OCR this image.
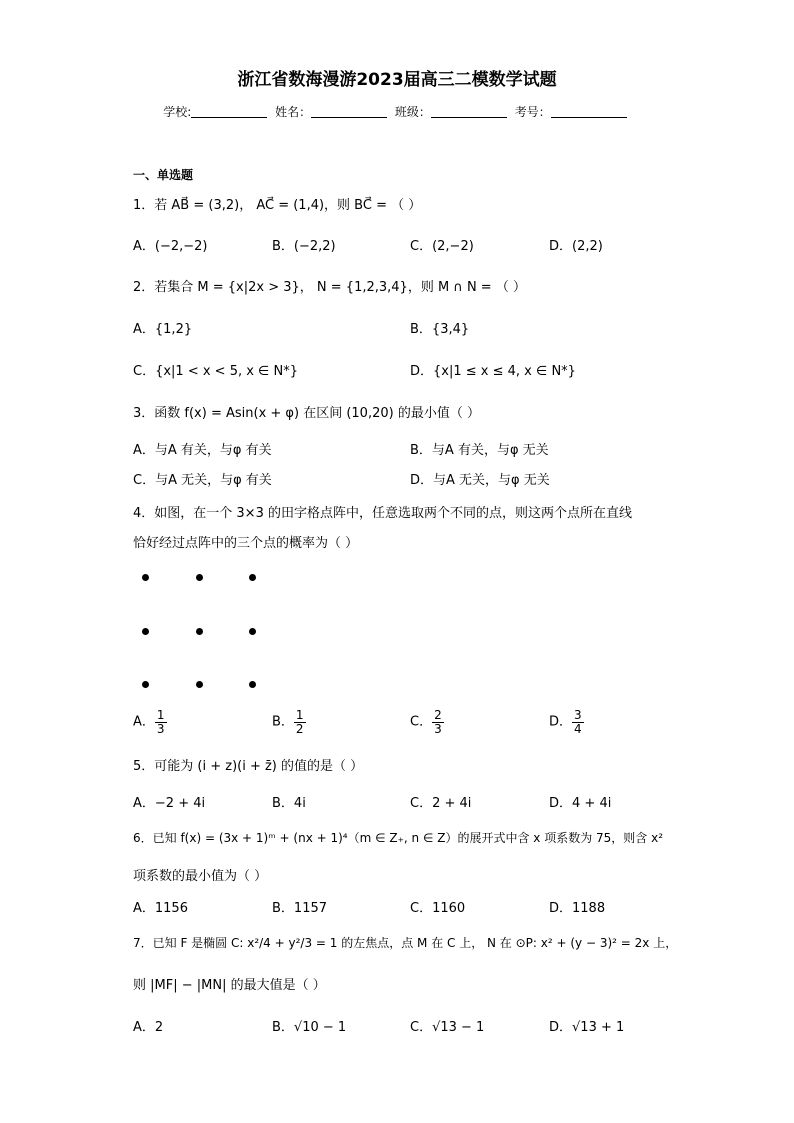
浙江省数海漫游2023届高三二模数学试题
学校:	姓名：	班级：	考号：
一、单选题
1．若 AB⃗ = (3,2)， AC⃗ = (1,4)，则 BC⃗ = （ ）
A．(−2,−2)	B．(−2,2)	C．(2,−2)	D．(2,2)
2．若集合 M = {x|2x > 3}， N = {1,2,3,4}，则 M ∩ N = （ ）
A．{1,2}	B．{3,4}
C．{x|1 < x < 5, x ∈ N*}	D．{x|1 ≤ x ≤ 4, x ∈ N*}
3．函数 f(x) = Asin(x + φ) 在区间 (10,20) 的最小值（ ）
A．与A 有关，与φ 有关	B．与A 有关，与φ 无关
C．与A 无关，与φ 有关	D．与A 无关，与φ 无关
4．如图，在一个 3×3 的田字格点阵中，任意选取两个不同的点，则这两个点所在直线
恰好经过点阵中的三个点的概率为（ ）
A． $\frac{1}{3}$	B． $\frac{1}{2}$	C． $\frac{2}{3}$	D． $\frac{3}{4}$
5．可能为 (i + z)(i + z̄) 的值的是（ ）
A．−2 + 4i	B．4i	C．2 + 4i	D．4 + 4i
6．已知 f(x) = (3x + 1)ᵐ + (nx + 1)⁴（m ∈ Z₊, n ∈ Z）的展开式中含 x 项系数为 75，则含 x²
项系数的最小值为（ ）
A．1156	B．1157	C．1160	D．1188
7．已知 F 是椭圆 C: x²/4 + y²/3 = 1 的左焦点，点 M 在 C 上， N 在 ⊙P: x² + (y − 3)² = 2x 上，
则 |MF| − |MN| 的最大值是（ ）
A．2	B．√10 − 1	C．√13 − 1	D．√13 + 1
